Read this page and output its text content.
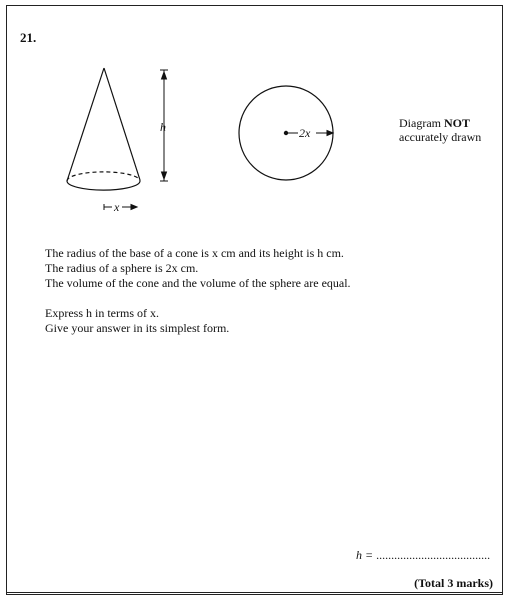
21.
h
x
2x
Diagram NOT
accurately drawn

The radius of the base of a cone is x cm and its height is h cm.

The radius of a sphere is 2x cm.

The volume of the cone and the volume of the sphere are equal.

Express h in terms of x.

Give your answer in its simplest form.

h = ......................................
(Total 3 marks)
